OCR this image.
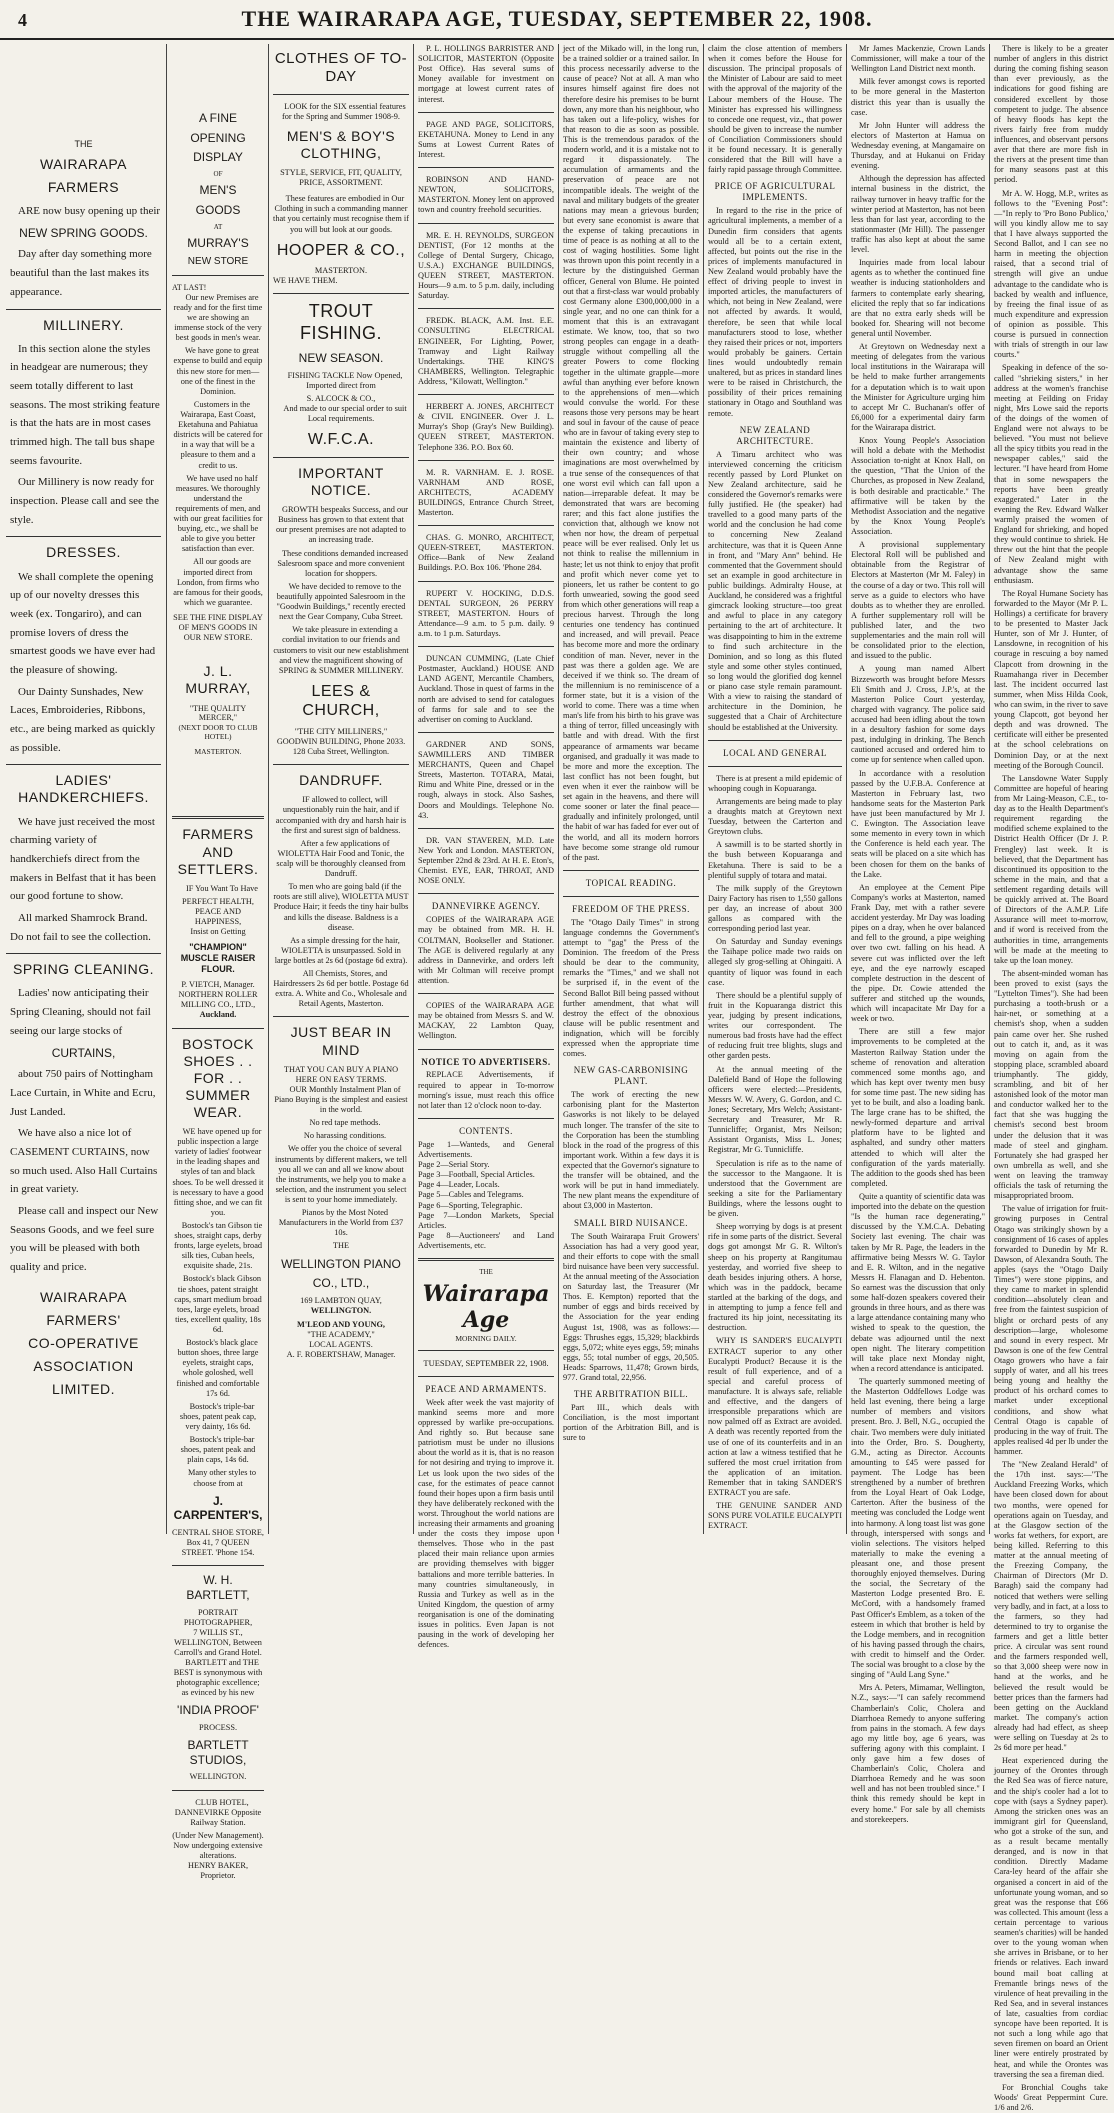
4	THE WAIRARAPA AGE, TUESDAY, SEPTEMBER 22, 1908.
THE
WAIRARAPA
FARMERS

ARE now busy opening up their

NEW SPRING GOODS.

Day after day something more beautiful than the last makes its appearance.

MILLINERY.

In this section alone the styles in headgear are numerous; they seem totally different to last seasons. The most striking feature is that the hats are in most cases trimmed high. The tall bus shape seems favourite.

Our Millinery is now ready for inspection. Please call and see the style.

DRESSES.

We shall complete the opening up of our novelty dresses this week (ex. Tongariro), and can promise lovers of dress the smartest goods we have ever had the pleasure of showing.

Our Dainty Sunshades, New Laces, Embroideries, Ribbons, etc., are being marked as quickly as possible.

LADIES' HANDKERCHIEFS.

We have just received the most charming variety of handkerchiefs direct from the makers in Belfast that it has been our good fortune to show.

All marked Shamrock Brand. Do not fail to see the collection.

SPRING CLEANING.

Ladies' now anticipating their Spring Cleaning, should not fail seeing our large stocks of

CURTAINS,

about 750 pairs of Nottingham Lace Curtain, in White and Ecru, Just Landed.

We have also a nice lot of CASEMENT CURTAINS, now so much used. Also Hall Curtains in great variety.

Please call and inspect our New Seasons Goods, and we feel sure you will be pleased with both quality and price.

WAIRARAPA
FARMERS'
CO-OPERATIVE
ASSOCIATION
LIMITED.
A FINE
OPENING
DISPLAY
OF
MEN'S
GOODS
AT
MURRAY'S
NEW STORE
AT LAST!

Our new Premises are ready and for the first time we are showing an immense stock of the very best goods in men's wear.

We have gone to great expense to build and equip this new store for men—one of the finest in the Dominion.

Customers in the Wairarapa, East Coast, Eketahuna and Pahiatua districts will be catered for in a way that will be a pleasure to them and a credit to us.

We have used no half measures. We thoroughly understand the requirements of men, and with our great facilities for buying, etc., we shall be able to give you better satisfaction than ever.

All our goods are imported direct from London, from firms who are famous for their goods, which we guarantee.

SEE THE FINE DISPLAY OF MEN'S GOODS IN OUR NEW STORE.
J. L. MURRAY,
"THE QUALITY MERCER,"
(NEXT DOOR TO CLUB HOTEL)
MASTERTON.
FARMERS AND SETTLERS.

IF You Want To Have

PERFECT HEALTH, PEACE AND HAPPINESS,
Insist on Getting
"CHAMPION" MUSCLE RAISER FLOUR.
P. VIETCH, Manager.
NORTHERN ROLLER MILLING CO., LTD.,
Auckland.
BOSTOCK SHOES . . FOR . . SUMMER WEAR.

WE have opened up for public inspection a large variety of ladies' footwear in the leading shapes and styles of tan and black shoes. To be well dressed it is necessary to have a good fitting shoe, and we can fit you.

Bostock's tan Gibson tie shoes, straight caps, derby fronts, large eyelets, broad silk ties, Cuban heels, exquisite shade, 21s.

Bostock's black Gibson tie shoes, patent straight caps, smart medium broad toes, large eyelets, broad ties, excellent quality, 18s 6d.

Bostock's black glace button shoes, three large eyelets, straight caps, whole goloshed, well finished and comfortable 17s 6d.

Bostock's triple-bar shoes, patent peak cap, very dainty, 16s 6d.

Bostock's triple-bar shoes, patent peak and plain caps, 14s 6d.

Many other styles to choose from at

J. CARPENTER'S,
CENTRAL SHOE STORE, Box 41, 7 QUEEN STREET. 'Phone 154.
W. H. BARTLETT,
PORTRAIT PHOTOGRAPHER,
7 WILLIS ST., WELLINGTON, Between Carroll's and Grand Hotel.

BARTLETT and THE BEST is synonymous with photographic excellence; as evinced by his new

'INDIA PROOF'
PROCESS.
BARTLETT STUDIOS,
WELLINGTON.

CLUB HOTEL, DANNEVIRKE Opposite Railway Station.

(Under New Management).
Now undergoing extensive alterations.
HENRY BAKER, Proprietor.
CLOTHES OF TO-DAY

LOOK for the SIX essential features for the Spring and Summer 1908-9.

MEN'S & BOY'S CLOTHING,
STYLE, SERVICE, FIT, QUALITY, PRICE, ASSORTMENT.

These features are embodied in Our Clothing in such a commanding manner that you certainly must recognise them if you will but look at our goods.

HOOPER & CO.,
MASTERTON.
WE HAVE THEM.
TROUT FISHING.
NEW SEASON.

FISHING TACKLE Now Opened, Imported direct from

S. ALCOCK & CO.,

And made to our special order to suit Local requirements.

W.F.C.A.
IMPORTANT NOTICE.

GROWTH bespeaks Success, and our Business has grown to that extent that our present premises are not adapted to an increasing trade.

These conditions demanded increased Salesroom space and more convenient location for shoppers.

We have decided to remove to the beautifully appointed Salesroom in the "Goodwin Buildings," recently erected next the Gear Company, Cuba Street.

We take pleasure in extending a cordial invitation to our friends and customers to visit our new establishment and view the magnificent showing of SPRING & SUMMER MILLINERY.

LEES & CHURCH,
"THE CITY MILLINERS,"
GOODWIN BUILDING, Phone 2033. 128 Cuba Street, Wellington.
DANDRUFF.

IF allowed to collect, will unquestionably ruin the hair, and if accompanied with dry and harsh hair is the first and surest sign of baldness.

After a few applications of WIOLETTA Hair Food and Tonic, the scalp will be thoroughly cleansed from Dandruff.

To men who are going bald (if the roots are still alive), WIOLETTA MUST Produce Hair; it feeds the tiny hair bulbs and kills the disease. Baldness is a disease.

As a simple dressing for the hair, WIOLETTA is unsurpassed. Sold in large bottles at 2s 6d (postage 6d extra).

All Chemists, Stores, and Hairdressers 2s 6d per bottle. Postage 6d extra. A. White and Co., Wholesale and Retail Agents, Masterton.

JUST BEAR IN MIND
THAT YOU CAN BUY A PIANO HERE ON EASY TERMS.

OUR Monthly Instalment Plan of Piano Buying is the simplest and easiest in the world.

No red tape methods.

No harassing conditions.

We offer you the choice of several instruments by different makers, we tell you all we can and all we know about the instruments, we help you to make a selection, and the instrument you select is sent to your home immediately.

Pianos by the Most Noted Manufacturers in the World from £37 10s.

THE
WELLINGTON PIANO
CO., LTD.,
169 LAMBTON QUAY,
WELLINGTON.
M'LEOD AND YOUNG,
"THE ACADEMY,"
LOCAL AGENTS.
A. F. ROBERTSHAW, Manager.

P. L. HOLLINGS BARRISTER AND SOLICITOR, MASTERTON (Opposite Post Office). Has several sums of Money available for investment on mortgage at lowest current rates of interest.

PAGE AND PAGE, SOLICITORS, EKETAHUNA. Money to Lend in any Sums at Lowest Current Rates of Interest.

ROBINSON AND HAND-NEWTON, SOLICITORS, MASTERTON. Money lent on approved town and country freehold securities.

MR. E. H. REYNOLDS, SURGEON DENTIST, (For 12 months at the College of Dental Surgery, Chicago, U.S.A.) EXCHANGE BUILDINGS, QUEEN STREET, MASTERTON. Hours—9 a.m. to 5 p.m. daily, including Saturday.

FREDK. BLACK, A.M. Inst. E.E. CONSULTING ELECTRICAL ENGINEER, For Lighting, Power, Tramway and Light Railway Undertakings. THE KING'S CHAMBERS, Wellington. Telegraphic Address, "Kilowatt, Wellington."

HERBERT A. JONES, ARCHITECT & CIVIL ENGINEER. Over J. L. Murray's Shop (Gray's New Building). QUEEN STREET, MASTERTON. Telephone 336. P.O. Box 60.

M. R. VARNHAM. E. J. ROSE. VARNHAM AND ROSE, ARCHITECTS, ACADEMY BUILDINGS, Entrance Church Street, Masterton.

CHAS. G. MONRO, ARCHITECT, QUEEN-STREET, MASTERTON. Office—Bank of New Zealand Buildings. P.O. Box 106. 'Phone 284.

RUPERT V. HOCKING, D.D.S. DENTAL SURGEON, 26 PERRY STREET, MASTERTON. Hours of Attendance—9 a.m. to 5 p.m. daily. 9 a.m. to 1 p.m. Saturdays.

DUNCAN CUMMING, (Late Chief Postmaster, Auckland.) HOUSE AND LAND AGENT, Mercantile Chambers, Auckland. Those in quest of farms in the north are advised to send for catalogues of farms for sale and to see the advertiser on coming to Auckland.

GARDNER AND SONS, SAWMILLERS AND TIMBER MERCHANTS, Queen and Chapel Streets, Masterton. TOTARA, Matai, Rimu and White Pine, dressed or in the rough, always in stock. Also Sashes, Doors and Mouldings. Telephone No. 43.

DR. VAN STAVEREN, M.D. Late New York and London. MASTERTON, September 22nd & 23rd. At H. E. Eton's, Chemist. EYE, EAR, THROAT, AND NOSE ONLY.

DANNEVIRKE AGENCY.

COPIES of the WAIRARAPA AGE may be obtained from MR. H. H. COLTMAN, Bookseller and Stationer. The AGE is delivered regularly at any address in Dannevirke, and orders left with Mr Coltman will receive prompt attention.

COPIES of the WAIRARAPA AGE may be obtained from Messrs S. and W. MACKAY, 22 Lambton Quay, Wellington.

NOTICE TO ADVERTISERS.

REPLACE Advertisements, if required to appear in To-morrow morning's issue, must reach this office not later than 12 o'clock noon to-day.

CONTENTS.
Page 1—Wanteds, and General Advertisements.
Page 2—Serial Story.
Page 3—Football, Special Articles.
Page 4—Leader, Locals.
Page 5—Cables and Telegrams.
Page 6—Sporting, Telegraphic.
Page 7—London Markets, Special Articles.
Page 8—Auctioneers' and Land Advertisements, etc.
THE
Wairarapa Age
MORNING DAILY.
TUESDAY, SEPTEMBER 22, 1908.
PEACE AND ARMAMENTS.

Week after week the vast majority of mankind seems more and more oppressed by warlike pre-occupations. And rightly so. But because sane patriotism must be under no illusions about the world as it is, that is no reason for not desiring and trying to improve it. Let us look upon the two sides of the case, for the estimates of peace cannot found their hopes upon a firm basis until they have deliberately reckoned with the worst. Throughout the world nations are increasing their armaments and groaning under the costs they impose upon themselves. Those who in the past placed their main reliance upon armies are providing themselves with bigger battalions and more terrible batteries. In many countries simultaneously, in Russia and Turkey as well as in the United Kingdom, the question of army reorganisation is one of the dominating issues in politics. Even Japan is not pausing in the work of developing her defences.

ject of the Mikado will, in the long run, be a trained soldier or a trained sailor. In this process necessarily adverse to the cause of peace? Not at all. A man who insures himself against fire does not therefore desire his premises to be burnt down, any more than his neighbour, who has taken out a life-policy, wishes for that reason to die as soon as possible. This is the tremendous paradox of the modern world, and it is a mistake not to regard it dispassionately. The accumulation of armaments and the preservation of peace are not incompatible ideals. The weight of the naval and military budgets of the greater nations may mean a grievous burden; but every sane economist is aware that the expense of taking precautions in time of peace is as nothing at all to the cost of waging hostilities. Some light was thrown upon this point recently in a lecture by the distinguished German officer, General von Blume. He pointed out that a first-class war would probably cost Germany alone £300,000,000 in a single year, and no one can think for a moment that this is an extravagant estimate. We know, too, that so two strong peoples can engage in a death-struggle without compelling all the greater Powers to come flocking together in the ultimate grapple—more awful than anything ever before known to the apprehensions of men—which would convulse the world. For these reasons those very persons may be heart and soul in favour of the cause of peace who are in favour of taking every step to maintain the existence and liberty of their own country; and whose imaginations are most overwhelmed by a true sense of the consequences of that one worst evil which can fall upon a nation—irreparable defeat. It may be demonstrated that wars are becoming rarer; and this fact alone justifies the conviction that, although we know not when nor how, the dream of perpetual peace will be ever realised. Only let us not think to realise the millennium in haste; let us not think to enjoy that profit and profit which never come yet to pioneers, let us rather be content to go forth unwearied, sowing the good seed from which other generations will reap a precious harvest. Through the long centuries one tendency has continued and increased, and will prevail. Peace has become more and more the ordinary condition of man. Never, never in the past was there a golden age. We are deceived if we think so. The dream of the millennium is no reminiscence of a former state, but it is a vision of the world to come. There was a time when man's life from his birth to his grave was a thing of terror, filled unceasingly with battle and with dread. With the first appearance of armaments war became organised, and gradually it was made to be more and more the exception. The last conflict has not been fought, but even when it ever the rainbow will be set again in the heavens, and there will come sooner or later the final peace—gradually and infinitely prolonged, until the habit of war has faded for ever out of the world, and all its modern horrors have become some strange old rumour of the past.

TOPICAL READING.
FREEDOM OF THE PRESS.

The "Otago Daily Times" in strong language condemns the Government's attempt to "gag" the Press of the Dominion. The freedom of the Press should be dear to the community, remarks the "Times," and we shall not be surprised if, in the event of the Second Ballot Bill being passed without further amendment, that what will destroy the effect of the obnoxious clause will be public resentment and indignation, which will be forcibly expressed when the appropriate time comes.

NEW GAS-CARBONISING PLANT.

The work of erecting the new carbonising plant for the Masterton Gasworks is not likely to be delayed much longer. The transfer of the site to the Corporation has been the stumbling block in the road of the progress of this important work. Within a few days it is expected that the Governor's signature to the transfer will be obtained, and the work will be put in hand immediately. The new plant means the expenditure of about £3,000 in Masterton.

SMALL BIRD NUISANCE.

The South Wairarapa Fruit Growers' Association has had a very good year, and their efforts to cope with the small bird nuisance have been very successful. At the annual meeting of the Association on Saturday last, the Treasurer (Mr Thos. E. Kempton) reported that the number of eggs and birds received by the Association for the year ending August 1st, 1908, was as follows:—Eggs: Thrushes eggs, 15,329; blackbirds eggs, 5,072; white eyes eggs, 59; minahs eggs, 55; total number of eggs, 20,505. Heads: Sparrows, 11,478; Grown birds, 977. Grand total, 22,956.

THE ARBITRATION BILL.

Part III., which deals with Conciliation, is the most important portion of the Arbitration Bill, and is sure to

claim the close attention of members when it comes before the House for discussion. The principal proposals of the Minister of Labour are said to meet with the approval of the majority of the Labour members of the House. The Minister has expressed his willingness to concede one request, viz., that power should be given to increase the number of Conciliation Commissioners should it be found necessary. It is generally considered that the Bill will have a fairly rapid passage through Committee.

PRICE OF AGRICULTURAL IMPLEMENTS.

In regard to the rise in the price of agricultural implements, a member of a Dunedin firm considers that agents would all be to a certain extent, affected, but points out the rise in the prices of implements manufactured in New Zealand would probably have the effect of driving people to invest in imported articles, the manufacturers of which, not being in New Zealand, were not affected by awards. It would, therefore, be seen that while local manufacturers stood to lose, whether they raised their prices or not, importers would probably be gainers. Certain lines would undoubtedly remain unaltered, but as prices in standard lines were to be raised in Christchurch, the possibility of their prices remaining stationary in Otago and Southland was remote.

NEW ZEALAND ARCHITECTURE.

A Timaru architect who was interviewed concerning the criticism recently passed by Lord Plunket on New Zealand architecture, said he considered the Governor's remarks were fully justified. He (the speaker) had travelled to a good many parts of the world and the conclusion he had come to concerning New Zealand architecture, was that it is Queen Anne in front, and "Mary Ann" behind. He commented that the Government should set an example in good architecture in public buildings. Admiralty House, at Auckland, he considered was a frightful gimcrack looking structure—too great and awful to place in any category pertaining to the art of architecture. It was disappointing to him in the extreme to find such architecture in the Dominion, and so long as this fluted style and some other styles continued, so long would the glorified dog kennel or piano case style remain paramount. With a view to raising the standard of architecture in the Dominion, he suggested that a Chair of Architecture should be established at the University.

LOCAL AND GENERAL

There is at present a mild epidemic of whooping cough in Kopuaranga.

Arrangements are being made to play a draughts match at Greytown next Tuesday, between the Carterton and Greytown clubs.

A sawmill is to be started shortly in the bush between Kopuaranga and Eketahuna. There is said to be a plentiful supply of totara and matai.

The milk supply of the Greytown Dairy Factory has risen to 1,550 gallons per day, an increase of about 300 gallons as compared with the corresponding period last year.

On Saturday and Sunday evenings the Taihape police made two raids on alleged sly grog-selling at Ohingaiti. A quantity of liquor was found in each case.

There should be a plentiful supply of fruit in the Kopuaranga district this year, judging by present indications, writes our correspondent. The numerous bad frosts have had the effect of reducing fruit tree blights, slugs and other garden pests.

At the annual meeting of the Dalefield Band of Hope the following officers were elected:—Presidents, Messrs W. W. Avery, G. Gordon, and C. Jones; Secretary, Mrs Welch; Assistant-Secretary and Treasurer, Mr R. Tunnicliffe; Organist, Mrs Neilson; Assistant Organists, Miss L. Jones; Registrar, Mr G. Tunnicliffe.

Speculation is rife as to the name of the successor to the Mangaone. It is understood that the Government are seeking a site for the Parliamentary Buildings, where the lessons ought to be given.

Sheep worrying by dogs is at present rife in some parts of the district. Several dogs got amongst Mr G. R. Wilton's sheep on his property at Rangitumau yesterday, and worried five sheep to death besides injuring others. A horse, which was in the paddock, became startled at the barking of the dogs, and in attempting to jump a fence fell and fractured its hip joint, necessitating its destruction.

WHY IS SANDER'S EUCALYPTI EXTRACT superior to any other Eucalypti Product? Because it is the result of full experience, and of a special and careful process of manufacture. It is always safe, reliable and effective, and the dangers of irresponsible preparations which are now palmed off as Extract are avoided. A death was recently reported from the use of one of its counterfeits and in an action at law a witness testified that he suffered the most cruel irritation from the application of an imitation. Remember that in taking SANDER'S EXTRACT you are safe.

THE GENUINE SANDER AND SONS PURE VOLATILE EUCALYPTI EXTRACT.

Mr James Mackenzie, Crown Lands Commissioner, will make a tour of the Wellington Land District next month.

Milk fever amongst cows is reported to be more general in the Masterton district this year than is usually the case.

Mr John Hunter will address the electors of Masterton at Hamua on Wednesday evening, at Mangamaire on Thursday, and at Hukanui on Friday evening.

Although the depression has affected internal business in the district, the railway turnover in heavy traffic for the winter period at Masterton, has not been less than for last year, according to the stationmaster (Mr Hill). The passenger traffic has also kept at about the same level.

Inquiries made from local labour agents as to whether the continued fine weather is inducing stationholders and farmers to contemplate early shearing, elicited the reply that so far indications are that no extra early sheds will be booked for. Shearing will not become general until November.

At Greytown on Wednesday next a meeting of delegates from the various local institutions in the Wairarapa will be held to make further arrangements for a deputation which is to wait upon the Minister for Agriculture urging him to accept Mr C. Buchanan's offer of £6,000 for a experimental dairy farm for the Wairarapa district.

Knox Young People's Association will hold a debate with the Methodist Association to-night at Knox Hall, on the question, "That the Union of the Churches, as proposed in New Zealand, is both desirable and practicable." The affirmative will be taken by the Methodist Association and the negative by the Knox Young People's Association.

A provisional supplementary Electoral Roll will be published and obtainable from the Registrar of Electors at Masterton (Mr M. Faley) in the course of a day or two. This roll will serve as a guide to electors who have doubts as to whether they are enrolled. A further supplementary roll will be published later, and the two supplementaries and the main roll will be consolidated prior to the election, and issued to the public.

A young man named Albert Bizzeworth was brought before Messrs Eli Smith and J. Cross, J.P.'s, at the Masterton Police Court yesterday, charged with vagrancy. The police said accused had been idling about the town in a desultory fashion for some days past, indulging in drinking. The Bench cautioned accused and ordered him to come up for sentence when called upon.

In accordance with a resolution passed by the U.F.B.A. Conference at Masterton in February last, two handsome seats for the Masterton Park have just been manufactured by Mr J. C. Ewington. The Association leave some memento in every town in which the Conference is held each year. The seats will be placed on a site which has been chosen for them on the banks of the Lake.

An employee at the Cement Pipe Company's works at Masterton, named Frank Day, met with a rather severe accident yesterday. Mr Day was loading pipes on a dray, when he over balanced and fell to the ground, a pipe weighing over two cwt. falling on his head. A severe cut was inflicted over the left eye, and the eye narrowly escaped complete destruction in the descent of the pipe. Dr. Cowie attended the sufferer and stitched up the wounds, which will incapacitate Mr Day for a week or two.

There are still a few major improvements to be completed at the Masterton Railway Station under the scheme of renovation and alteration commenced some months ago, and which has kept over twenty men busy for some time past. The new siding has yet to be built, and also a loading bank. The large crane has to be shifted, the newly-formed departure and arrival platform have to be lighted and asphalted, and sundry other matters attended to which will alter the configuration of the yards materially. The addition to the goods shed has been completed.

Quite a quantity of scientific data was imported into the debate on the question "Is the human race degenerating," discussed by the Y.M.C.A. Debating Society last evening. The chair was taken by Mr R. Page, the leaders in the affirmative being Messrs W. G. Taylor and E. R. Wilton, and in the negative Messrs H. Flanagan and D. Hebenton. So earnest was the discussion that only some half-dozen speakers covered their grounds in three hours, and as there was a large attendance containing many who wished to speak to the question, the debate was adjourned until the next open night. The literary competition will take place next Monday night, when a record attendance is anticipated.

The quarterly summoned meeting of the Masterton Oddfellows Lodge was held last evening, there being a large number of members and visitors present. Bro. J. Bell, N.G., occupied the chair. Two members were duly initiated into the Order, Bro. S. Dougherty, G.M., acting as Director. Accounts amounting to £45 were passed for payment. The Lodge has been strengthened by a number of brethren from the Loyal Heart of Oak Lodge, Carterton. After the business of the meeting was concluded the Lodge went into harmony. A long toast list was gone through, interspersed with songs and violin selections. The visitors helped materially to make the evening a pleasant one, and those present thoroughly enjoyed themselves. During the social, the Secretary of the Masterton Lodge presented Bro. E. McCord, with a handsomely framed Past Officer's Emblem, as a token of the esteem in which that brother is held by the Lodge members, and in recognition of his having passed through the chairs, with credit to himself and the Order. The social was brought to a close by the singing of "Auld Lang Syne."

Mrs A. Peters, Mimamar, Wellington, N.Z., says:—"I can safely recommend Chamberlain's Colic, Cholera and Diarrhoea Remedy to anyone suffering from pains in the stomach. A few days ago my little boy, age 6 years, was suffering agony with this complaint. I only gave him a few doses of Chamberlain's Colic, Cholera and Diarrhoea Remedy and he was soon well and has not been troubled since." I think this remedy should be kept in every home." For sale by all chemists and storekeepers.

There is likely to be a greater number of anglers in this district during the coming fishing season than ever previously, as the indications for good fishing are considered excellent by those competent to judge. The absence of heavy floods has kept the rivers fairly free from muddy influences, and observant persons aver that there are more fish in the rivers at the present time than for many seasons past at this period.

Mr A. W. Hogg, M.P., writes as follows to the "Evening Post":—"In reply to 'Pro Bono Publico,' will you kindly allow me to say that I have always supported the Second Ballot, and I can see no harm in meeting the objection raised, that a second trial of strength will give an undue advantage to the candidate who is backed by wealth and influence, by freeing the final issue of as much expenditure and expression of opinion as possible. This course is pursued in connection with trials of strength in our law courts."

Speaking in defence of the so-called "shrieking sisters," in her address at the women's franchise meeting at Feilding on Friday night, Mrs Lowe said the reports of the doings of the women of England were not always to be believed. "You must not believe all the spicy titbits you read in the newspaper cables," said the lecturer. "I have heard from Home that in some newspapers the reports have been greatly exaggerated." Later in the evening the Rev. Edward Walker warmly praised the women of England for shrieking, and hoped they would continue to shriek. He threw out the hint that the people of New Zealand might with advantage show the same enthusiasm.

The Royal Humane Society has forwarded to the Mayor (Mr P. L. Hollings) a certificate for bravery to be presented to Master Jack Hunter, son of Mr J. Hunter, of Lansdowne, in recognition of his courage in rescuing a boy named Clapcott from drowning in the Ruamahanga river in December last. The incident occurred last summer, when Miss Hilda Cook, who can swim, in the river to save young Clapcott, got beyond her depth and was drowned. The certificate will either be presented at the school celebrations on Dominion Day, or at the next meeting of the Borough Council.

The Lansdowne Water Supply Committee are hopeful of hearing from Mr Laing-Meason, C.E., to-day as to the Health Department's requirement regarding the modified scheme explained to the District Health Officer (Dr J. P. Frengley) last week. It is believed, that the Department has discontinued its opposition to the scheme in the main, and that a settlement regarding details will be quickly arrived at. The Board of Directors of the A.M.P. Life Assurance will meet to-morrow, and if word is received from the authorities in time, arrangements will be made at the meeting to take up the loan money.

The absent-minded woman has been proved to exist (says the "Lyttelton Times"). She had been purchasing a tooth-brush or a hair-net, or something at a chemist's shop, when a sudden pain came over her. She rushed out to catch it, and, as it was moving on again from the stopping place, scrambled aboard triumphantly. The giddy, scrambling, and bit of her astonished look of the motor man and conductor walked her to the fact that she was hugging the chemist's second best broom under the delusion that it was made of steel and gingham. Fortunately she had grasped her own umbrella as well, and she went on leaving the tramway officials the task of returning the misappropriated broom.

The value of irrigation for fruit-growing purposes in Central Otago was strikingly shown by a consignment of 16 cases of apples forwarded to Dunedin by Mr R. Dawson, of Alexandra South. The apples (says the "Otago Daily Times") were stone pippins, and they came to market in splendid condition—absolutely clean and free from the faintest suspicion of blight or orchard pests of any description—large, wholesome and sound in every respect. Mr Dawson is one of the few Central Otago growers who have a fair supply of water, and all his trees being young and healthy the product of his orchard comes to market under exceptional conditions, and show what Central Otago is capable of producing in the way of fruit. The apples realised 4d per lb under the hammer.

The "New Zealand Herald" of the 17th inst. says:—"The Auckland Freezing Works, which have been closed down for about two months, were opened for operations again on Tuesday, and at the Glasgow section of the works fat wethers, for export, are being killed. Referring to this matter at the annual meeting of the Freezing Company, the Chairman of Directors (Mr D. Baragh) said the company had noticed that wethers were selling very badly, and in fact, at a loss to the farmers, so they had determined to try to organise the farmers and get a little better price. A circular was sent round and the farmers responded well, so that 3,000 sheep were now in hand at the works, and he believed the result would be better prices than the farmers had been getting on the Auckland market. The company's action already had had effect, as sheep were selling on Tuesday at 2s to 2s 6d more per head."

Heat experienced during the journey of the Orontes through the Red Sea was of fierce nature, and the ship's cooler had a lot to cope with (says a Sydney paper). Among the stricken ones was an immigrant girl for Queensland, who got a stroke of the sun, and as a result became mentally deranged, and is now in that condition. Directly Madame Cara-ley heard of the affair she organised a concert in aid of the unfortunate young woman, and so great was the response that £66 was collected. This amount (less a certain percentage to various seamen's charities) will be handed over to the young woman when she arrives in Brisbane, or to her friends or relatives. Each inward bound mail boat calling at Fremantle brings news of the virulence of heat prevailing in the Red Sea, and in several instances of late, casualties from cordiac syncope have been reported. It is not such a long while ago that seven firemen on board an Orient liner were entirely prostrated by heat, and while the Orontes was traversing the sea a fireman died.

For Bronchial Coughs take Woods' Great Peppermint Cure. 1/6 and 2/6.
